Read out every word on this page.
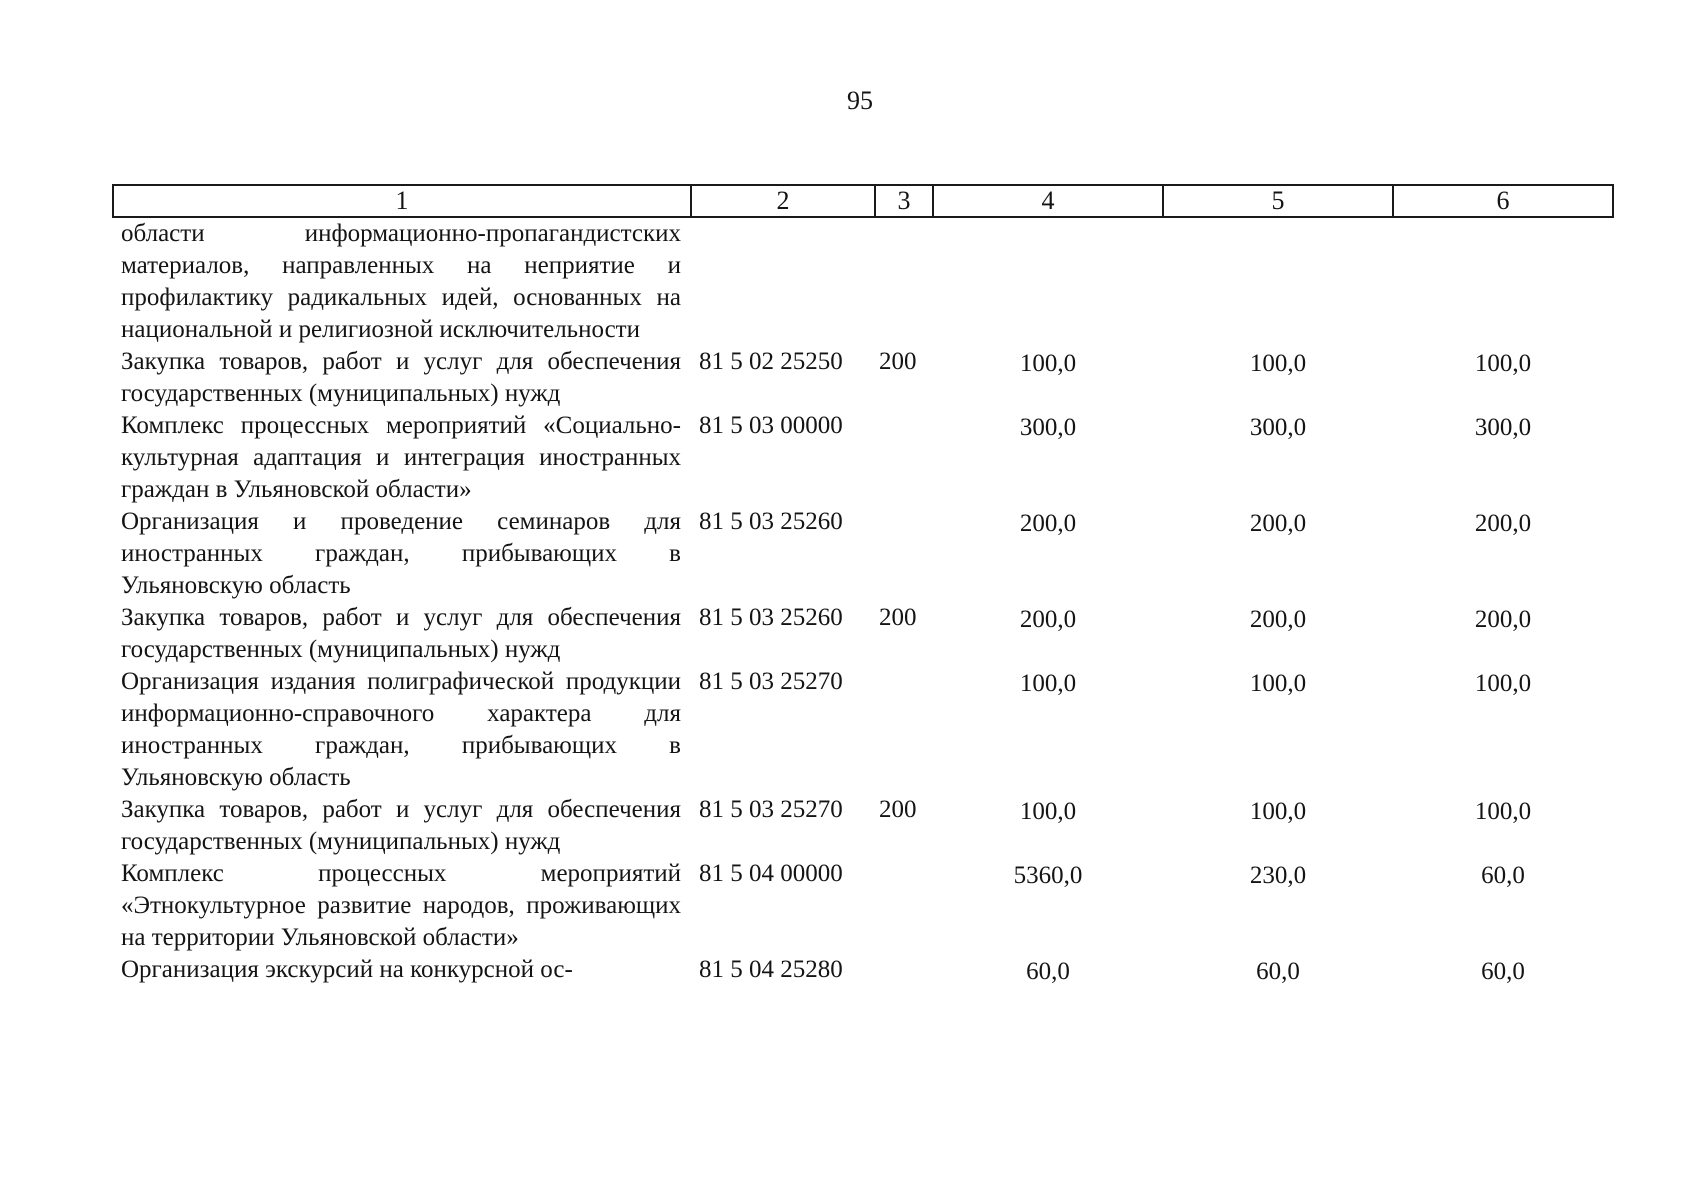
95
1	2	3	4	5	6
области информационно-пропагандистских материалов, направленных на неприятие и профилактику радикальных идей, основанных на национальной и религиозной исключительности					
Закупка товаров, работ и услуг для обеспечения государственных (муниципальных) нужд	81 5 02 25250	200	100,0	100,0	100,0
Комплекс процессных мероприятий «Социально-культурная адаптация и интеграция иностранных граждан в Ульяновской области»	81 5 03 00000		300,0	300,0	300,0
Организация и проведение семинаров для иностранных граждан, прибывающих в Ульяновскую область	81 5 03 25260		200,0	200,0	200,0
Закупка товаров, работ и услуг для обеспечения государственных (муниципальных) нужд	81 5 03 25260	200	200,0	200,0	200,0
Организация издания полиграфической продукции информационно-справочного характера для иностранных граждан, прибывающих в Ульяновскую область	81 5 03 25270		100,0	100,0	100,0
Закупка товаров, работ и услуг для обеспечения государственных (муниципальных) нужд	81 5 03 25270	200	100,0	100,0	100,0
Комплекс процессных мероприятий «Этнокультурное развитие народов, проживающих на территории Ульяновской области»	81 5 04 00000		5360,0	230,0	60,0
Организация экскурсий на конкурсной ос-	81 5 04 25280		60,0	60,0	60,0
